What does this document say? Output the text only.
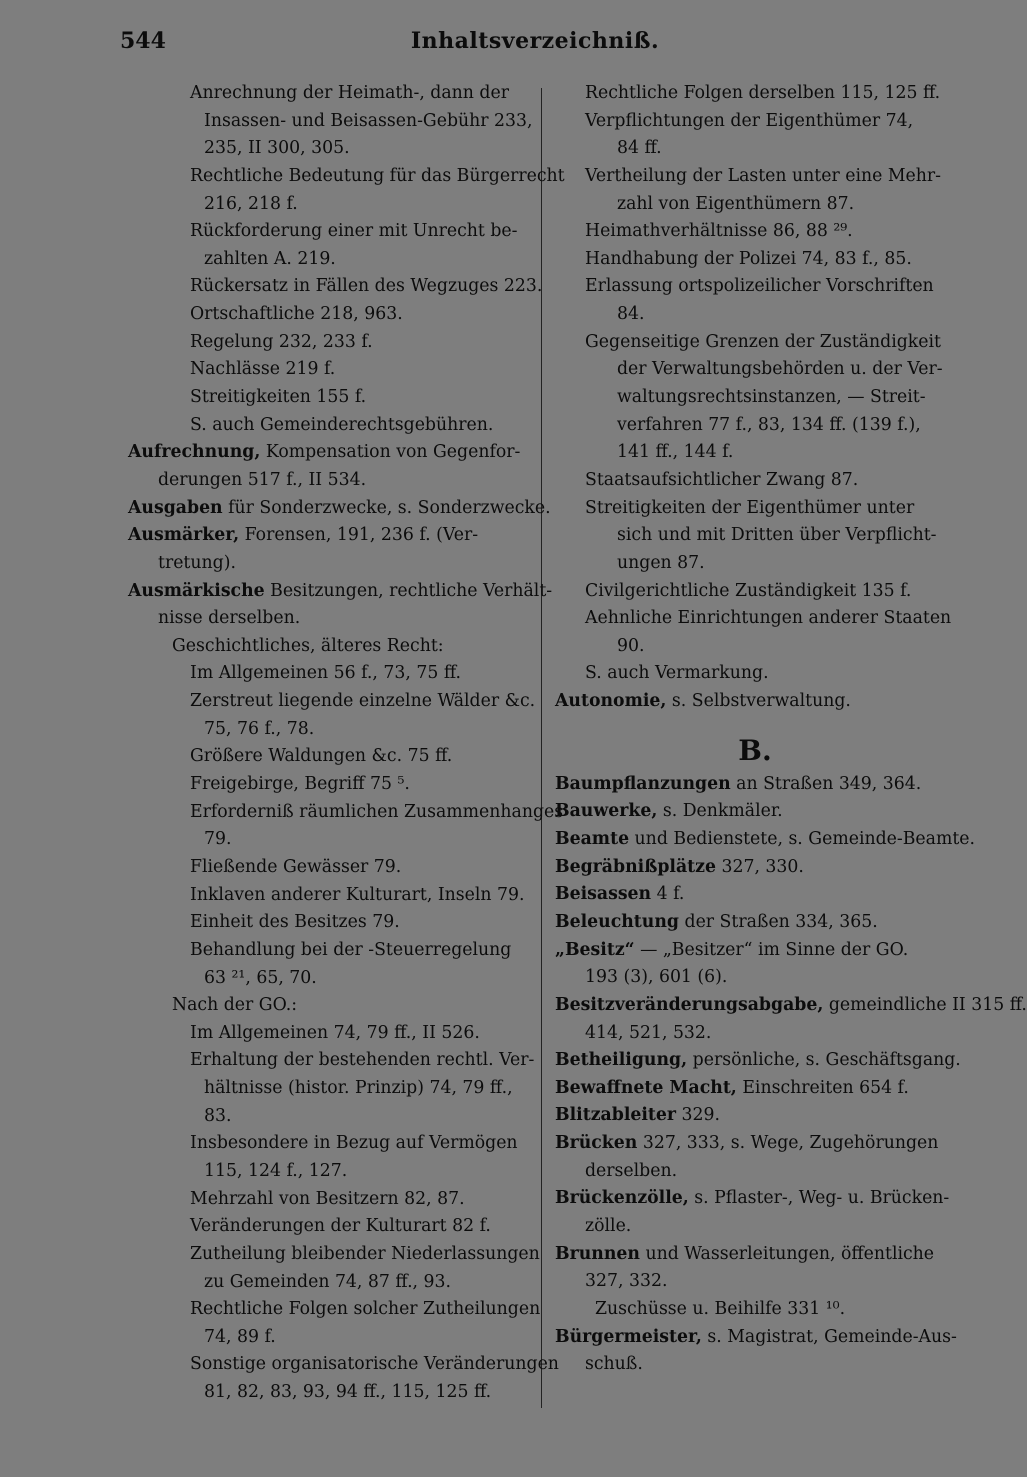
544	Inhaltsverzeichniß.
Anrechnung der Heimath-, dann der
Insassen- und Beisassen-Gebühr 233,
235, II 300, 305.
Rechtliche Bedeutung für das Bürgerrecht
216, 218 f.
Rückforderung einer mit Unrecht be-
zahlten A. 219.
Rückersatz in Fällen des Wegzuges 223.
Ortschaftliche 218, 963.
Regelung 232, 233 f.
Nachlässe 219 f.
Streitigkeiten 155 f.
S. auch Gemeinderechtsgebühren.
Aufrechnung, Kompensation von Gegenfor-
derungen 517 f., II 534.
Ausgaben für Sonderzwecke, s. Sonderzwecke.
Ausmärker, Forensen, 191, 236 f. (Ver-
tretung).
Ausmärkische Besitzungen, rechtliche Verhält-
nisse derselben.
Geschichtliches, älteres Recht:
Im Allgemeinen 56 f., 73, 75 ff.
Zerstreut liegende einzelne Wälder &c.
75, 76 f., 78.
Größere Waldungen &c. 75 ff.
Freigebirge, Begriff 75 ⁵.
Erforderniß räumlichen Zusammenhanges
79.
Fließende Gewässer 79.
Inklaven anderer Kulturart, Inseln 79.
Einheit des Besitzes 79.
Behandlung bei der -Steuerregelung
63 ²¹, 65, 70.
Nach der GO.:
Im Allgemeinen 74, 79 ff., II 526.
Erhaltung der bestehenden rechtl. Ver-
hältnisse (histor. Prinzip) 74, 79 ff.,
83.
Insbesondere in Bezug auf Vermögen
115, 124 f., 127.
Mehrzahl von Besitzern 82, 87.
Veränderungen der Kulturart 82 f.
Zutheilung bleibender Niederlassungen
zu Gemeinden 74, 87 ff., 93.
Rechtliche Folgen solcher Zutheilungen
74, 89 f.
Sonstige organisatorische Veränderungen
81, 82, 83, 93, 94 ff., 115, 125 ff.
Rechtliche Folgen derselben 115, 125 ff.
Verpflichtungen der Eigenthümer 74,
84 ff.
Vertheilung der Lasten unter eine Mehr-
zahl von Eigenthümern 87.
Heimathverhältnisse 86, 88 ²⁹.
Handhabung der Polizei 74, 83 f., 85.
Erlassung ortspolizeilicher Vorschriften
84.
Gegenseitige Grenzen der Zuständigkeit
der Verwaltungsbehörden u. der Ver-
waltungsrechtsinstanzen, — Streit-
verfahren 77 f., 83, 134 ff. (139 f.),
141 ff., 144 f.
Staatsaufsichtlicher Zwang 87.
Streitigkeiten der Eigenthümer unter
sich und mit Dritten über Verpflicht-
ungen 87.
Civilgerichtliche Zuständigkeit 135 f.
Aehnliche Einrichtungen anderer Staaten
90.
S. auch Vermarkung.
Autonomie, s. Selbstverwaltung.
B.
Baumpflanzungen an Straßen 349, 364.
Bauwerke, s. Denkmäler.
Beamte und Bedienstete, s. Gemeinde-Beamte.
Begräbnißplätze 327, 330.
Beisassen 4 f.
Beleuchtung der Straßen 334, 365.
„Besitz“ — „Besitzer“ im Sinne der GO.
193 (3), 601 (6).
Besitzveränderungsabgabe, gemeindliche II 315 ff.
414, 521, 532.
Betheiligung, persönliche, s. Geschäftsgang.
Bewaffnete Macht, Einschreiten 654 f.
Blitzableiter 329.
Brücken 327, 333, s. Wege, Zugehörungen
derselben.
Brückenzölle, s. Pflaster-, Weg- u. Brücken-
zölle.
Brunnen und Wasserleitungen, öffentliche
327, 332.
Zuschüsse u. Beihilfe 331 ¹⁰.
Bürgermeister, s. Magistrat, Gemeinde-Aus-
schuß.
